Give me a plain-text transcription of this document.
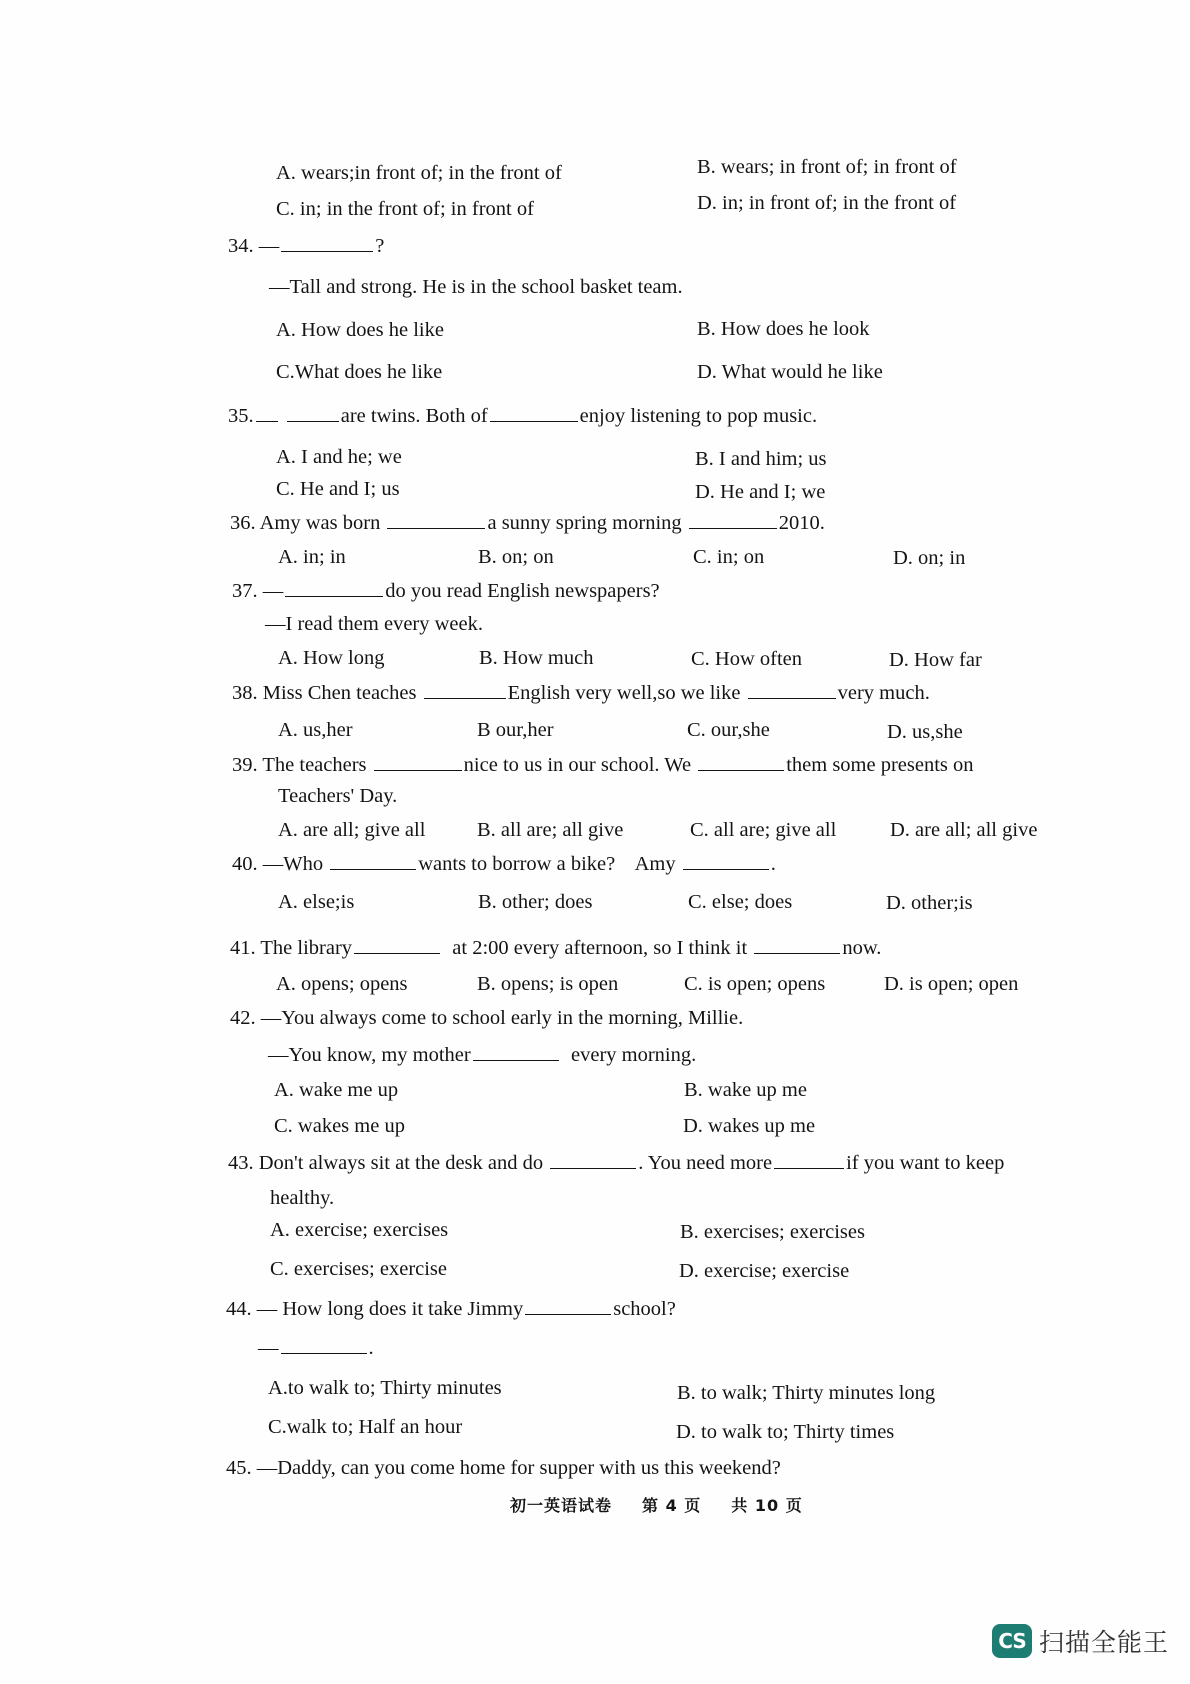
A. wears;in front of; in the front of	B. wears; in front of; in front of
C. in; in the front of; in front of	D. in; in front of; in the front of
34. —	?
—Tall and strong. He is in the school basket team.
A. How does he like	B. How does he look
C.What does he like	D. What would he like
35.	are twins. Both of	enjoy listening to pop music.
A. I and he; we	B. I and him; us
C. He and I; us	D. He and I; we
36. Amy was born	a sunny spring morning	2010.
A. in; in	B. on; on	C. in; on	D. on; in
37. —	do you read English newspapers?
—I read them every week.
A. How long	B. How much	C. How often	D. How far
38. Miss Chen teaches	English very well,so we like	very much.
A. us,her	B our,her	C. our,she	D. us,she
39. The teachers	nice to us in our school. We	them some presents on
Teachers' Day.
A. are all; give all	B. all are; all give	C. all are; give all	D. are all; all give
40. —Who	wants to borrow a bike? Amy	.
A. else;is	B. other; does	C. else; does	D. other;is
41. The library	at 2:00 every afternoon, so I think it	now.
A. opens; opens	B. opens; is open	C. is open; opens	D. is open; open
42. —You always come to school early in the morning, Millie.
—You know, my mother	every morning.
A. wake me up	B. wake up me
C. wakes me up	D. wakes up me
43. Don't always sit at the desk and do	. You need more	if you want to keep
healthy.
A. exercise; exercises	B. exercises; exercises
C. exercises; exercise	D. exercise; exercise
44. — How long does it take Jimmy	school?
—	.
A.to walk to; Thirty minutes	B. to walk; Thirty minutes long
C.walk to; Half an hour	D. to walk to; Thirty times
45. —Daddy, can you come home for supper with us this weekend?
初一英语试卷 第 4 页 共 10 页
CS 扫描全能王
